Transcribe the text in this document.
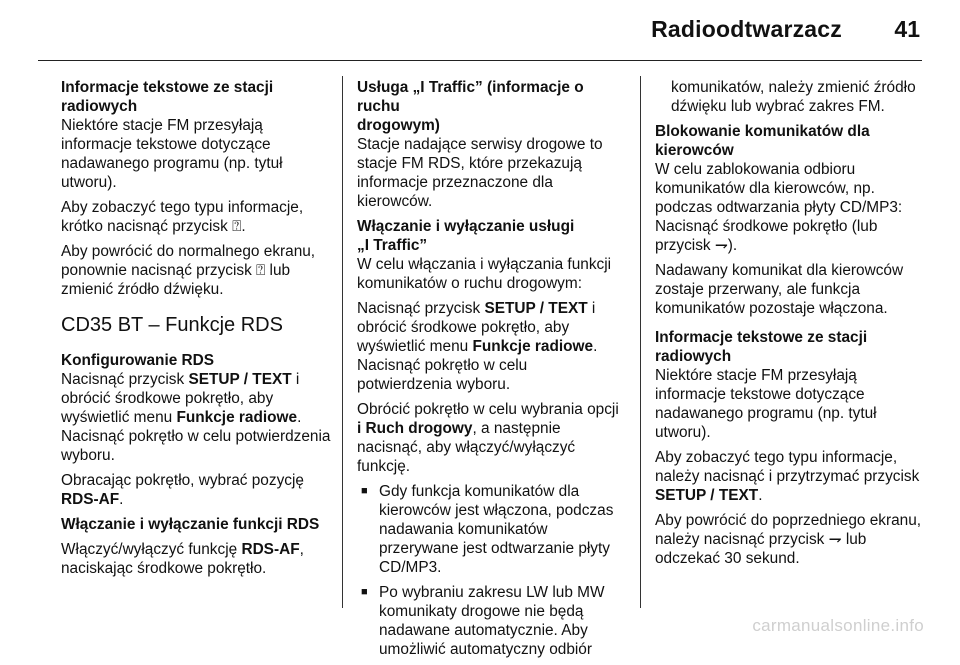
Radioodtwarzacz 41
Informacje tekstowe ze stacji
radiowych

Niektóre stacje FM przesyłają informacje tekstowe dotyczące nadawanego programu (np. tytuł utworu).

Aby zobaczyć tego typu informacje, krótko nacisnąć przycisk ⍰.

Aby powrócić do normalnego ekranu, ponownie nacisnąć przycisk ⍰ lub zmienić źródło dźwięku.

CD35 BT – Funkcje RDS
Konfigurowanie RDS

Nacisnąć przycisk SETUP / TEXT i obrócić środkowe pokrętło, aby wyświetlić menu Funkcje radiowe. Nacisnąć pokrętło w celu potwierdzenia wyboru.

Obracając pokrętło, wybrać pozycję RDS-AF.

Włączanie i wyłączanie funkcji RDS

Włączyć/wyłączyć funkcję RDS-AF, naciskając środkowe pokrętło.

Usługa „I Traffic” (informacje o ruchu
drogowym)

Stacje nadające serwisy drogowe to stacje FM RDS, które przekazują informacje przeznaczone dla kierowców.

Włączanie i wyłączanie usługi
„I Traffic”

W celu włączania i wyłączania funkcji komunikatów o ruchu drogowym:

Nacisnąć przycisk SETUP / TEXT i obrócić środkowe pokrętło, aby wyświetlić menu Funkcje radiowe. Nacisnąć pokrętło w celu potwierdzenia wyboru.

Obrócić pokrętło w celu wybrania opcji i Ruch drogowy, a następnie nacisnąć, aby włączyć/wyłączyć funkcję.

■ Gdy funkcja komunikatów dla kierowców jest włączona, podczas nadawania komunikatów przerywane jest odtwarzanie płyty CD/MP3.
■ Po wybraniu zakresu LW lub MW komunikaty drogowe nie będą nadawane automatycznie. Aby umożliwić automatyczny odbiór

komunikatów, należy zmienić źródło dźwięku lub wybrać zakres FM.

Blokowanie komunikatów dla
kierowców

W celu zablokowania odbioru komunikatów dla kierowców, np. podczas odtwarzania płyty CD/MP3: Nacisnąć środkowe pokrętło (lub przycisk ⇁).

Nadawany komunikat dla kierowców zostaje przerwany, ale funkcja komunikatów pozostaje włączona.

Informacje tekstowe ze stacji
radiowych

Niektóre stacje FM przesyłają informacje tekstowe dotyczące nadawanego programu (np. tytuł utworu).

Aby zobaczyć tego typu informacje, należy nacisnąć i przytrzymać przycisk SETUP / TEXT.

Aby powrócić do poprzedniego ekranu, należy nacisnąć przycisk ⇁ lub odczekać 30 sekund.

carmanualsonline.info
